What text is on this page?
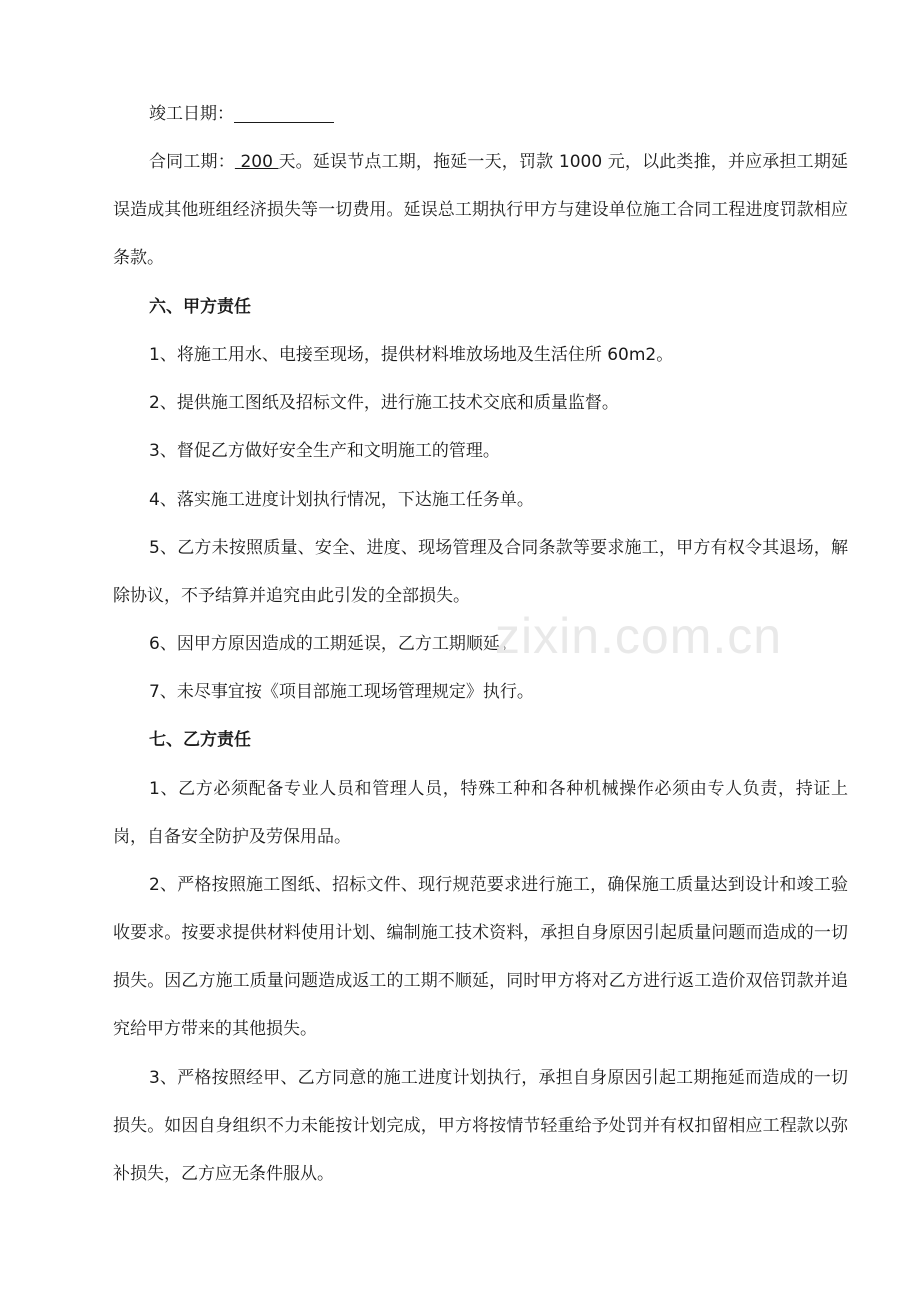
竣工日期：

合同工期： 200 天。延误节点工期，拖延一天，罚款 1000 元，以此类推，并应承担工期延误造成其他班组经济损失等一切费用。延误总工期执行甲方与建设单位施工合同工程进度罚款相应条款。

六、甲方责任

1、将施工用水、电接至现场，提供材料堆放场地及生活住所 60m2。

2、提供施工图纸及招标文件，进行施工技术交底和质量监督。

3、督促乙方做好安全生产和文明施工的管理。

4、落实施工进度计划执行情况，下达施工任务单。

5、乙方未按照质量、安全、进度、现场管理及合同条款等要求施工，甲方有权令其退场，解除协议，不予结算并追究由此引发的全部损失。

6、因甲方原因造成的工期延误，乙方工期顺延。

7、未尽事宜按《项目部施工现场管理规定》执行。

七、乙方责任

1、乙方必须配备专业人员和管理人员，特殊工种和各种机械操作必须由专人负责，持证上岗，自备安全防护及劳保用品。

2、严格按照施工图纸、招标文件、现行规范要求进行施工，确保施工质量达到设计和竣工验收要求。按要求提供材料使用计划、编制施工技术资料，承担自身原因引起质量问题而造成的一切损失。因乙方施工质量问题造成返工的工期不顺延，同时甲方将对乙方进行返工造价双倍罚款并追究给甲方带来的其他损失。

3、严格按照经甲、乙方同意的施工进度计划执行，承担自身原因引起工期拖延而造成的一切损失。如因自身组织不力未能按计划完成，甲方将按情节轻重给予处罚并有权扣留相应工程款以弥补损失，乙方应无条件服从。

zixin.com.cn
